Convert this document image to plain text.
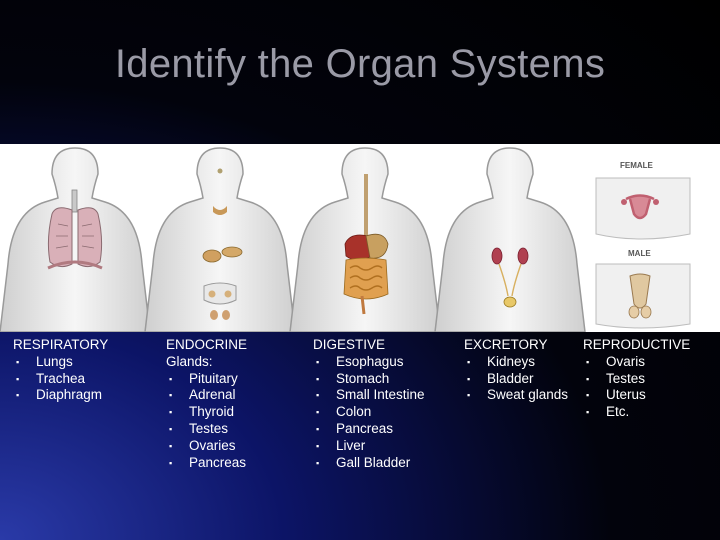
Identify the Organ Systems
FEMALE
MALE
RESPIRATORY
▪ Lungs
▪ Trachea
▪ Diaphragm
ENDOCRINE
Glands:
▪ Pituitary
▪ Adrenal
▪ Thyroid
▪ Testes
▪ Ovaries
▪ Pancreas
DIGESTIVE
▪ Esophagus
▪ Stomach
▪ Small Intestine
▪ Colon
▪ Pancreas
▪ Liver
▪ Gall Bladder
EXCRETORY
▪ Kidneys
▪ Bladder
▪ Sweat glands
REPRODUCTIVE
▪ Ovaris
▪ Testes
▪ Uterus
▪ Etc.
